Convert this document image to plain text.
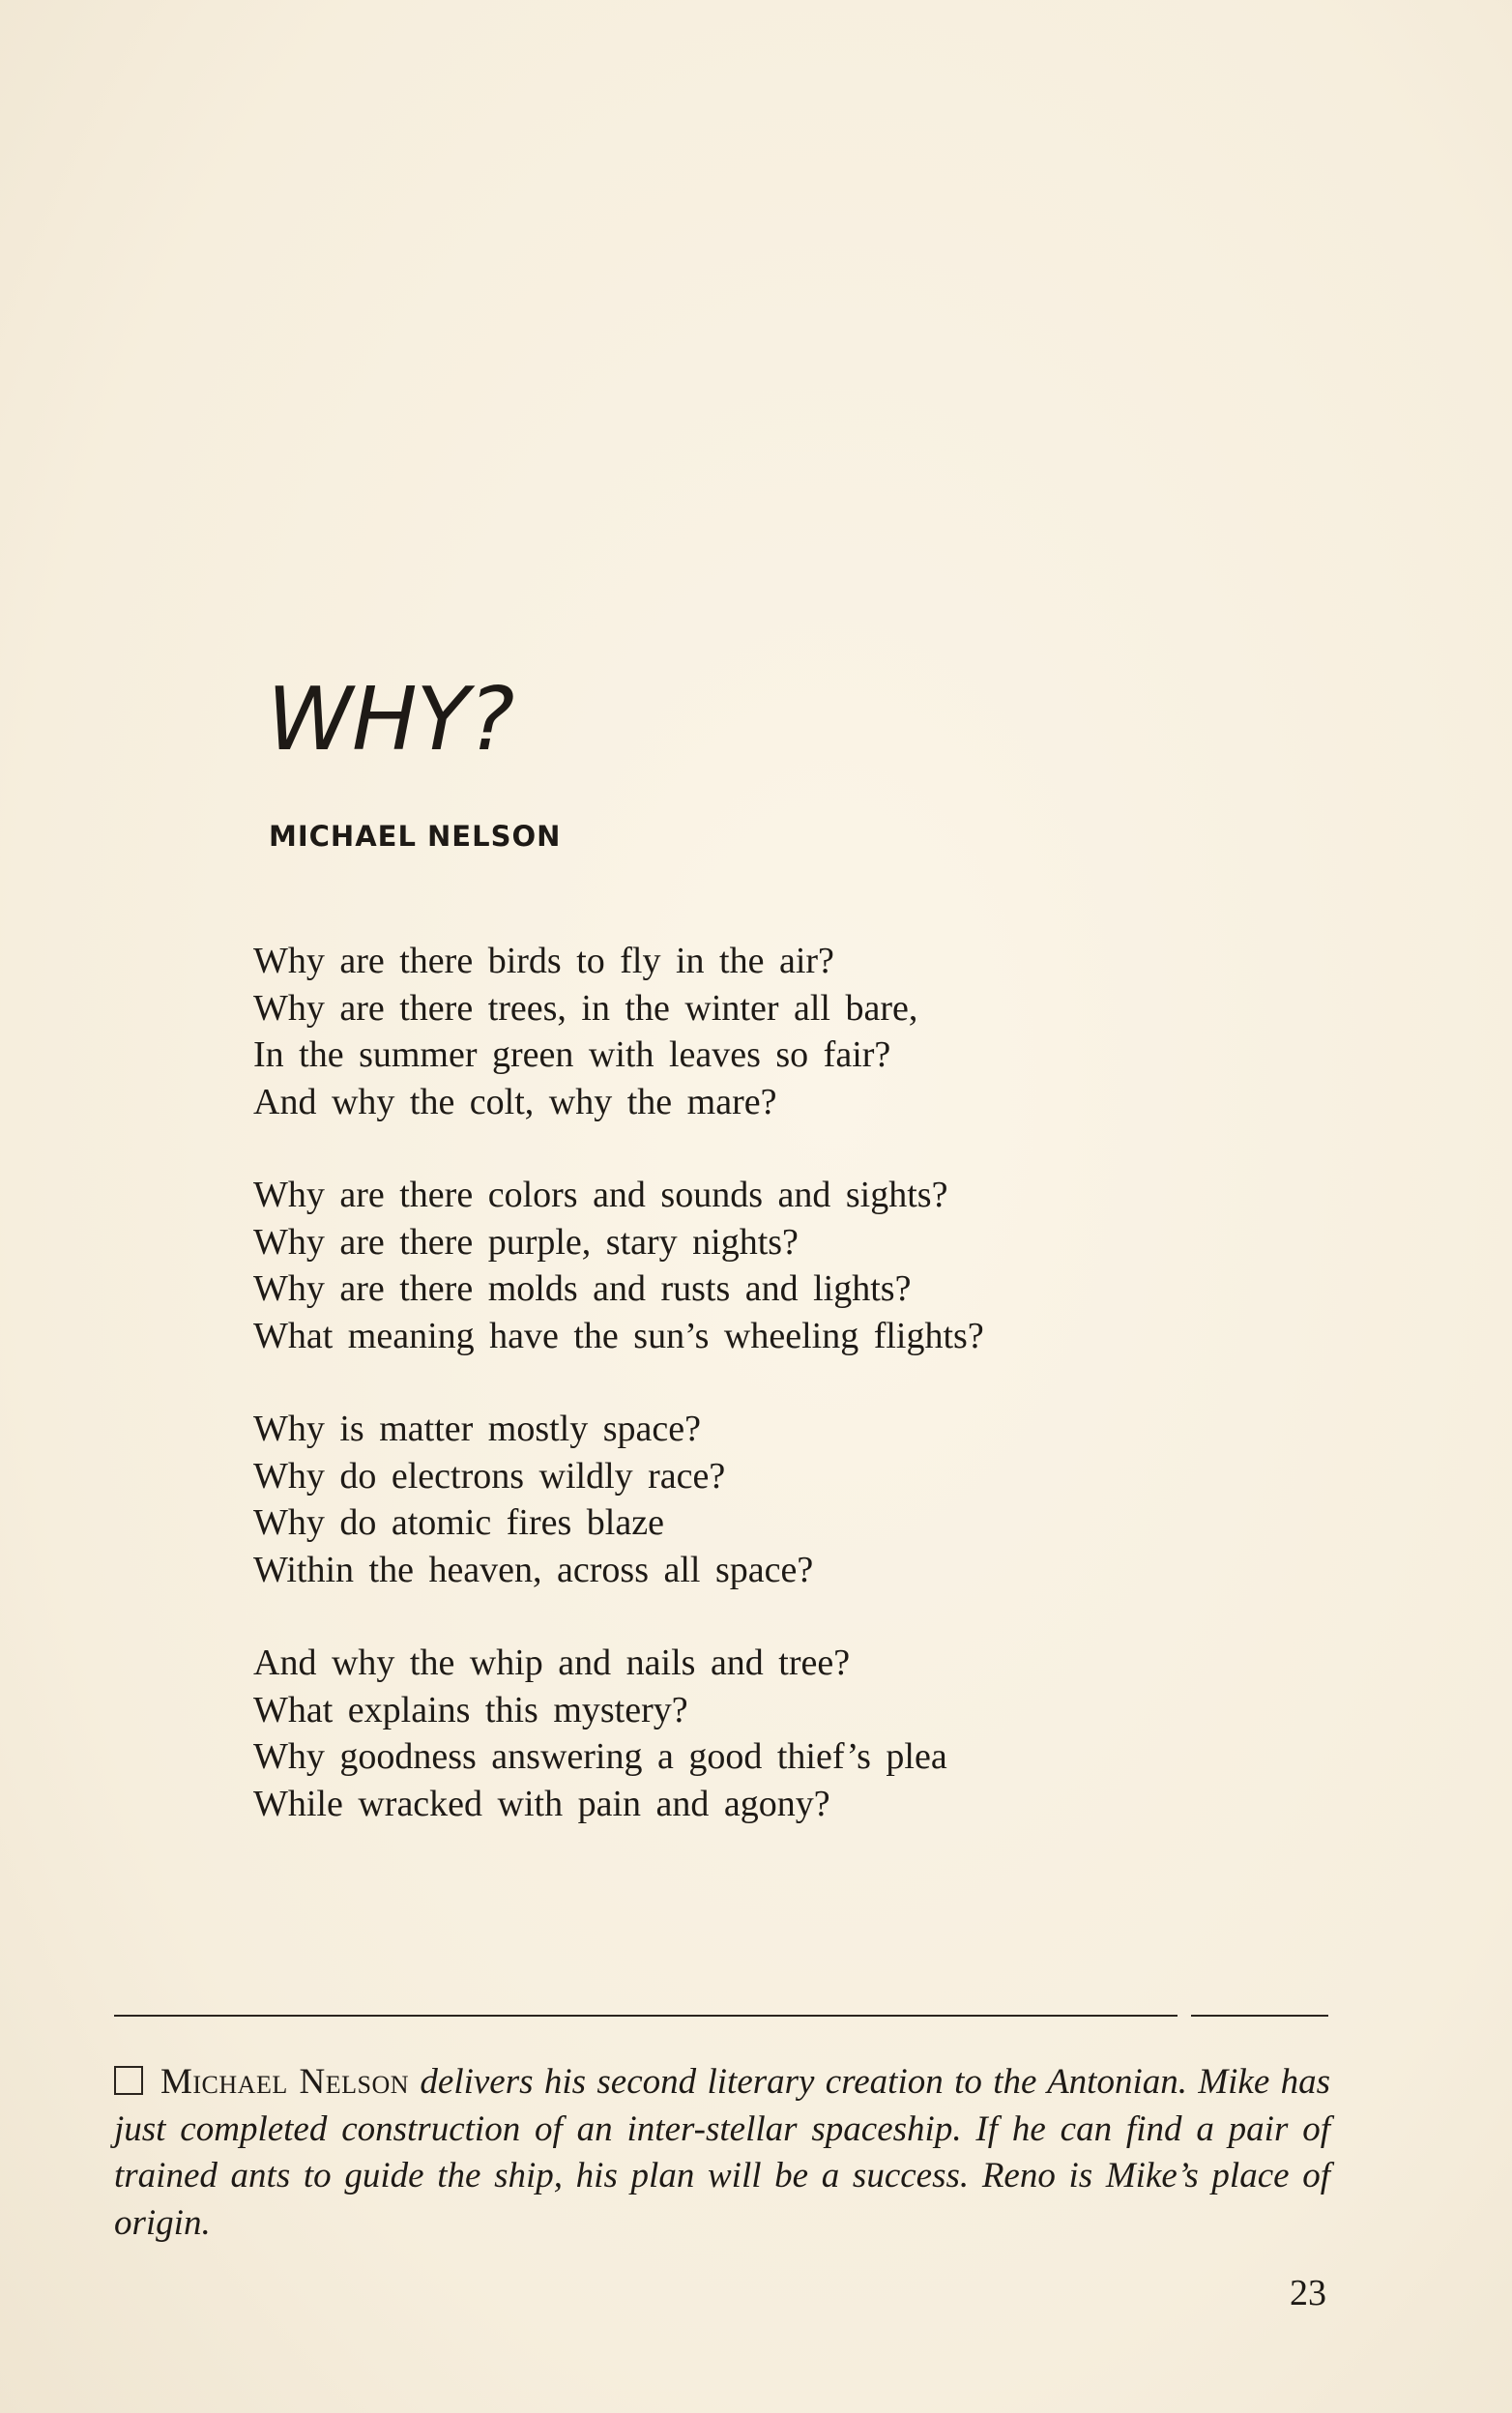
WHY?

MICHAEL NELSON

Why are there birds to fly in the air?
Why are there trees, in the winter all bare,
In the summer green with leaves so fair?
And why the colt, why the mare?

Why are there colors and sounds and sights?
Why are there purple, stary nights?
Why are there molds and rusts and lights?
What meaning have the sun’s wheeling flights?

Why is matter mostly space?
Why do electrons wildly race?
Why do atomic fires blaze
Within the heaven, across all space?

And why the whip and nails and tree?
What explains this mystery?
Why goodness answering a good thief’s plea
While wracked with pain and agony?

Michael Nelson delivers his second literary creation to the Antonian. Mike has just completed construction of an inter-stellar spaceship. If he can find a pair of trained ants to guide the ship, his plan will be a success. Reno is Mike’s place of origin.

23
